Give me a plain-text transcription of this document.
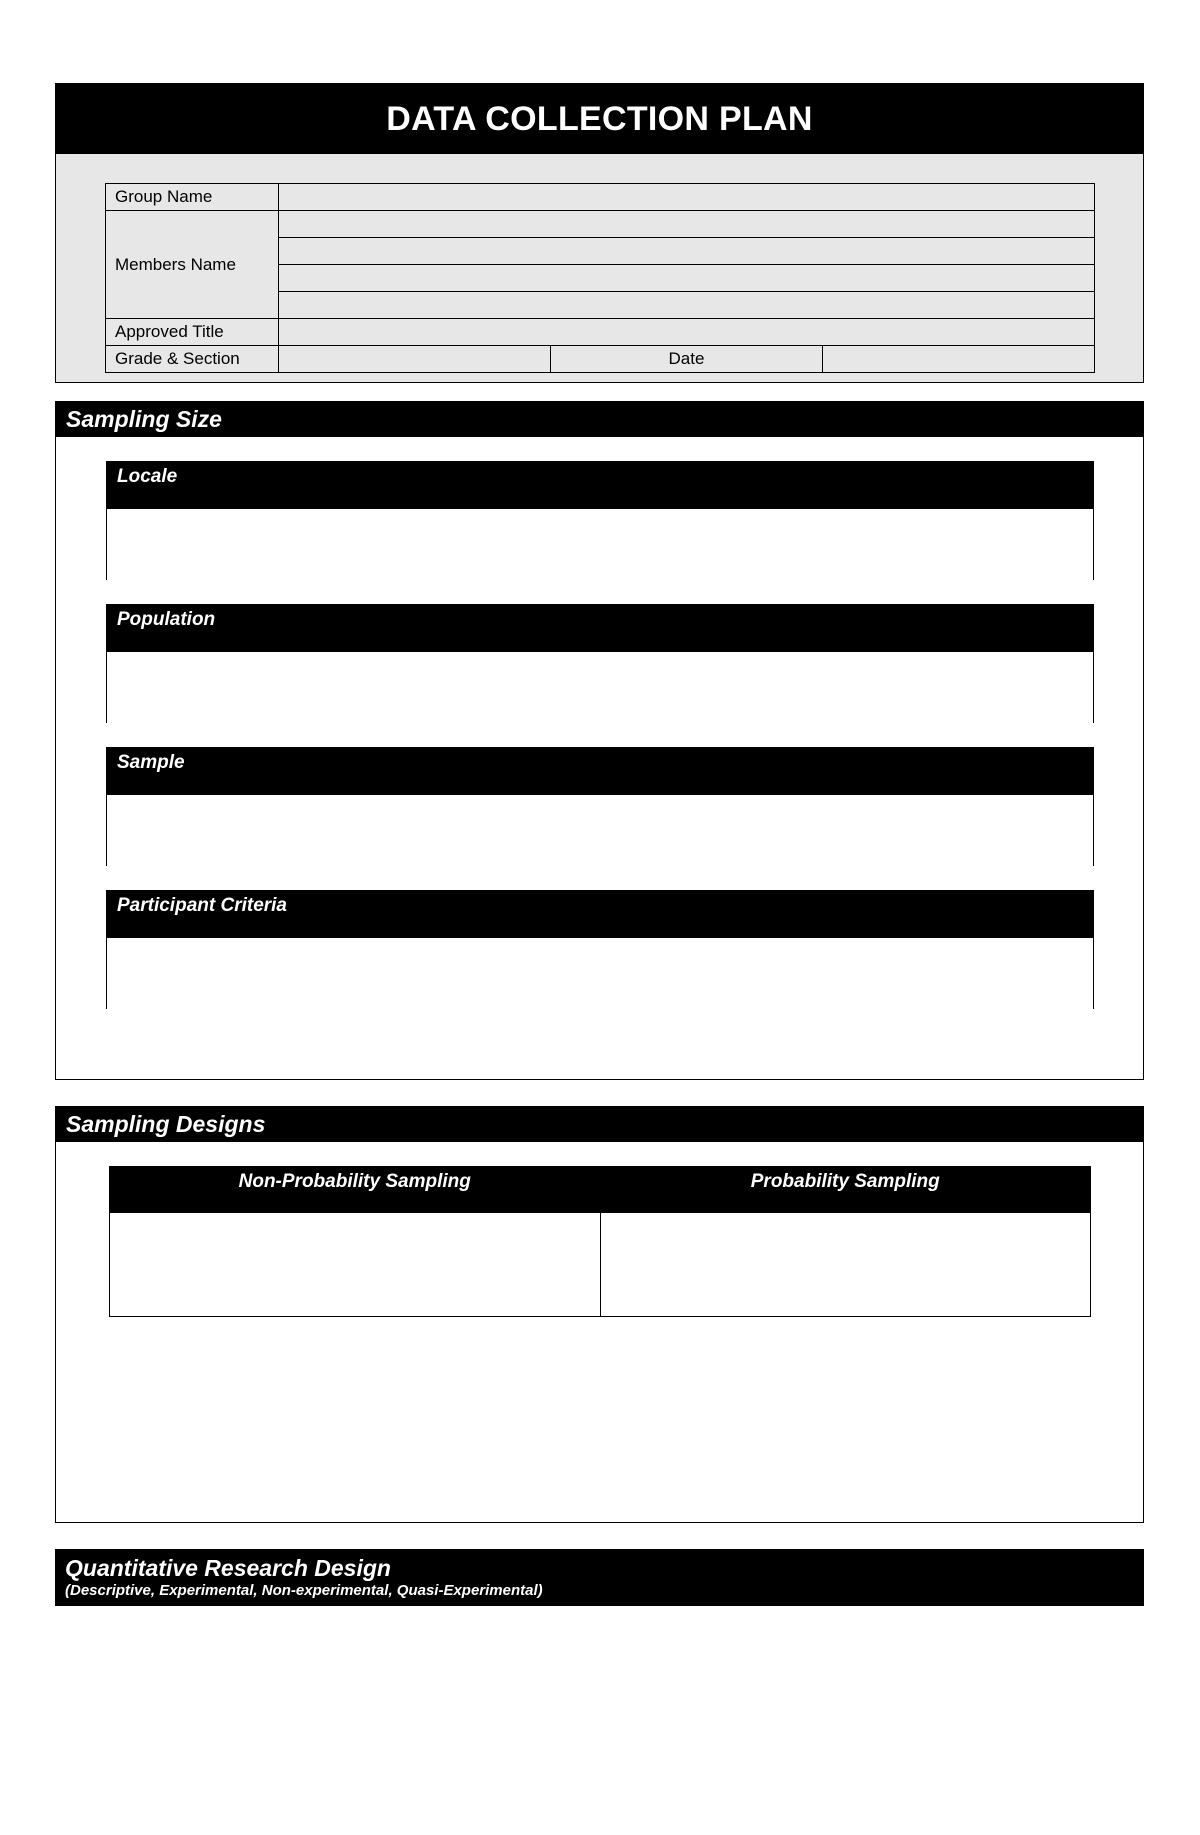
DATA COLLECTION PLAN
Group Name			
Members Name			

Approved Title			
Grade & Section		Date	
Sampling Size
Locale
Population
Sample
Participant Criteria
Sampling Designs
Non-Probability Sampling	Probability Sampling

Quantitative Research Design
(Descriptive, Experimental, Non-experimental, Quasi-Experimental)
